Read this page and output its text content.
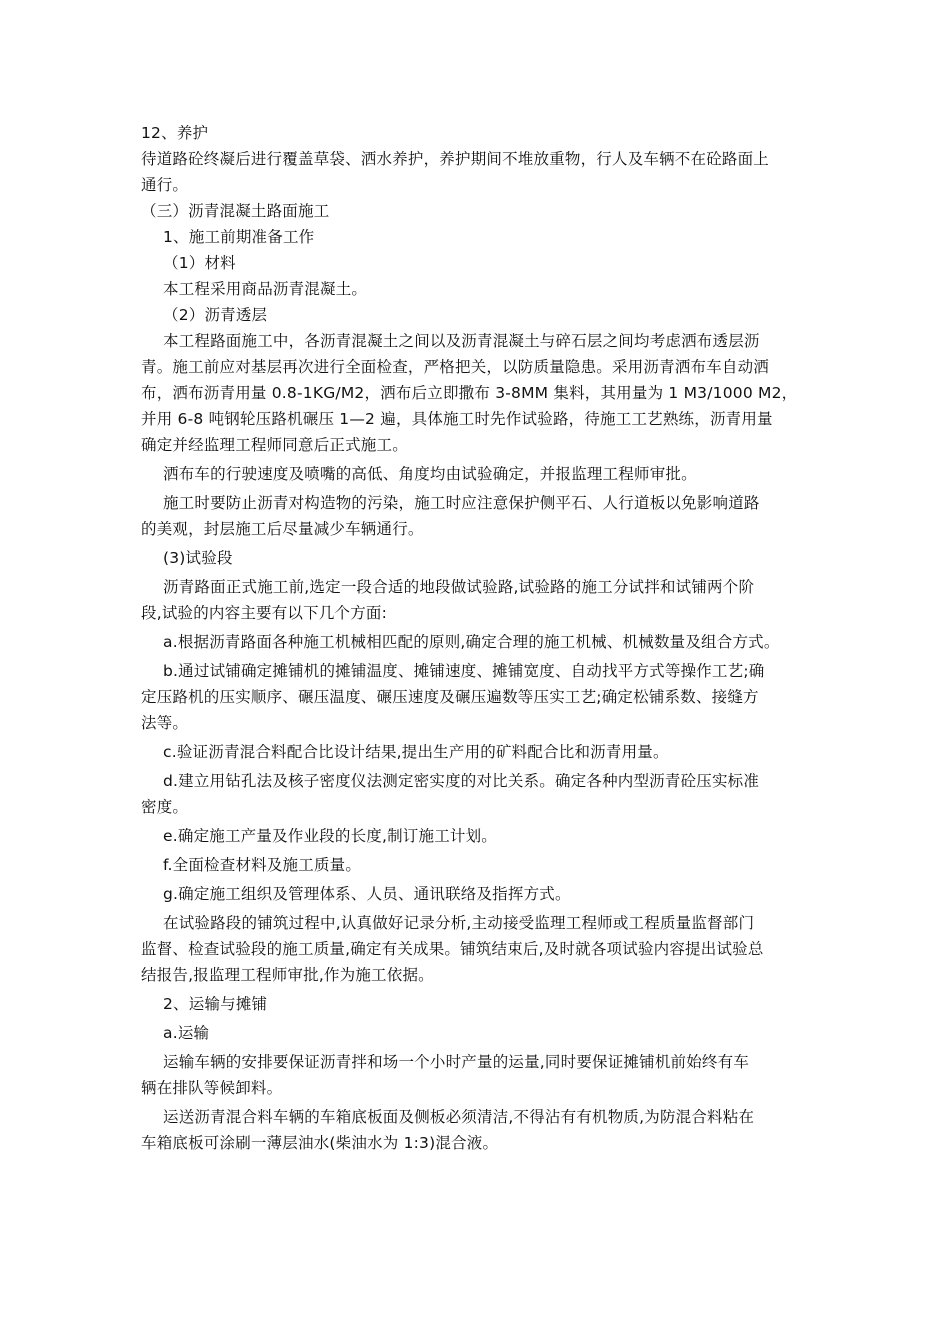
12、养护
待道路砼终凝后进行覆盖草袋、洒水养护，养护期间不堆放重物，行人及车辆不在砼路面上
通行。
（三）沥青混凝土路面施工
1、施工前期准备工作
（1）材料
本工程采用商品沥青混凝土。
（2）沥青透层
本工程路面施工中，各沥青混凝土之间以及沥青混凝土与碎石层之间均考虑洒布透层沥
青。施工前应对基层再次进行全面检查，严格把关，以防质量隐患。采用沥青洒布车自动洒
布，洒布沥青用量 0.8-1KG/M2，洒布后立即撒布 3-8MM 集料，其用量为 1 M3/1000 M2，
并用 6-8 吨钢轮压路机碾压 1—2 遍，具体施工时先作试验路，待施工工艺熟练，沥青用量
确定并经监理工程师同意后正式施工。
洒布车的行驶速度及喷嘴的高低、角度均由试验确定，并报监理工程师审批。
施工时要防止沥青对构造物的污染，施工时应注意保护侧平石、人行道板以免影响道路
的美观，封层施工后尽量减少车辆通行。
(3)试验段
沥青路面正式施工前,选定一段合适的地段做试验路,试验路的施工分试拌和试铺两个阶
段,试验的内容主要有以下几个方面:
a.根据沥青路面各种施工机械相匹配的原则,确定合理的施工机械、机械数量及组合方式。
b.通过试铺确定摊铺机的摊铺温度、摊铺速度、摊铺宽度、自动找平方式等操作工艺;确
定压路机的压实顺序、碾压温度、碾压速度及碾压遍数等压实工艺;确定松铺系数、接缝方
法等。
c.验证沥青混合料配合比设计结果,提出生产用的矿料配合比和沥青用量。
d.建立用钻孔法及核子密度仪法测定密实度的对比关系。确定各种内型沥青砼压实标准
密度。
e.确定施工产量及作业段的长度,制订施工计划。
f.全面检查材料及施工质量。
g.确定施工组织及管理体系、人员、通讯联络及指挥方式。
在试验路段的铺筑过程中,认真做好记录分析,主动接受监理工程师或工程质量监督部门
监督、检查试验段的施工质量,确定有关成果。铺筑结束后,及时就各项试验内容提出试验总
结报告,报监理工程师审批,作为施工依据。
2、运输与摊铺
a.运输
运输车辆的安排要保证沥青拌和场一个小时产量的运量,同时要保证摊铺机前始终有车
辆在排队等候卸料。
运送沥青混合料车辆的车箱底板面及侧板必须清洁,不得沾有有机物质,为防混合料粘在
车箱底板可涂刷一薄层油水(柴油水为 1:3)混合液。
